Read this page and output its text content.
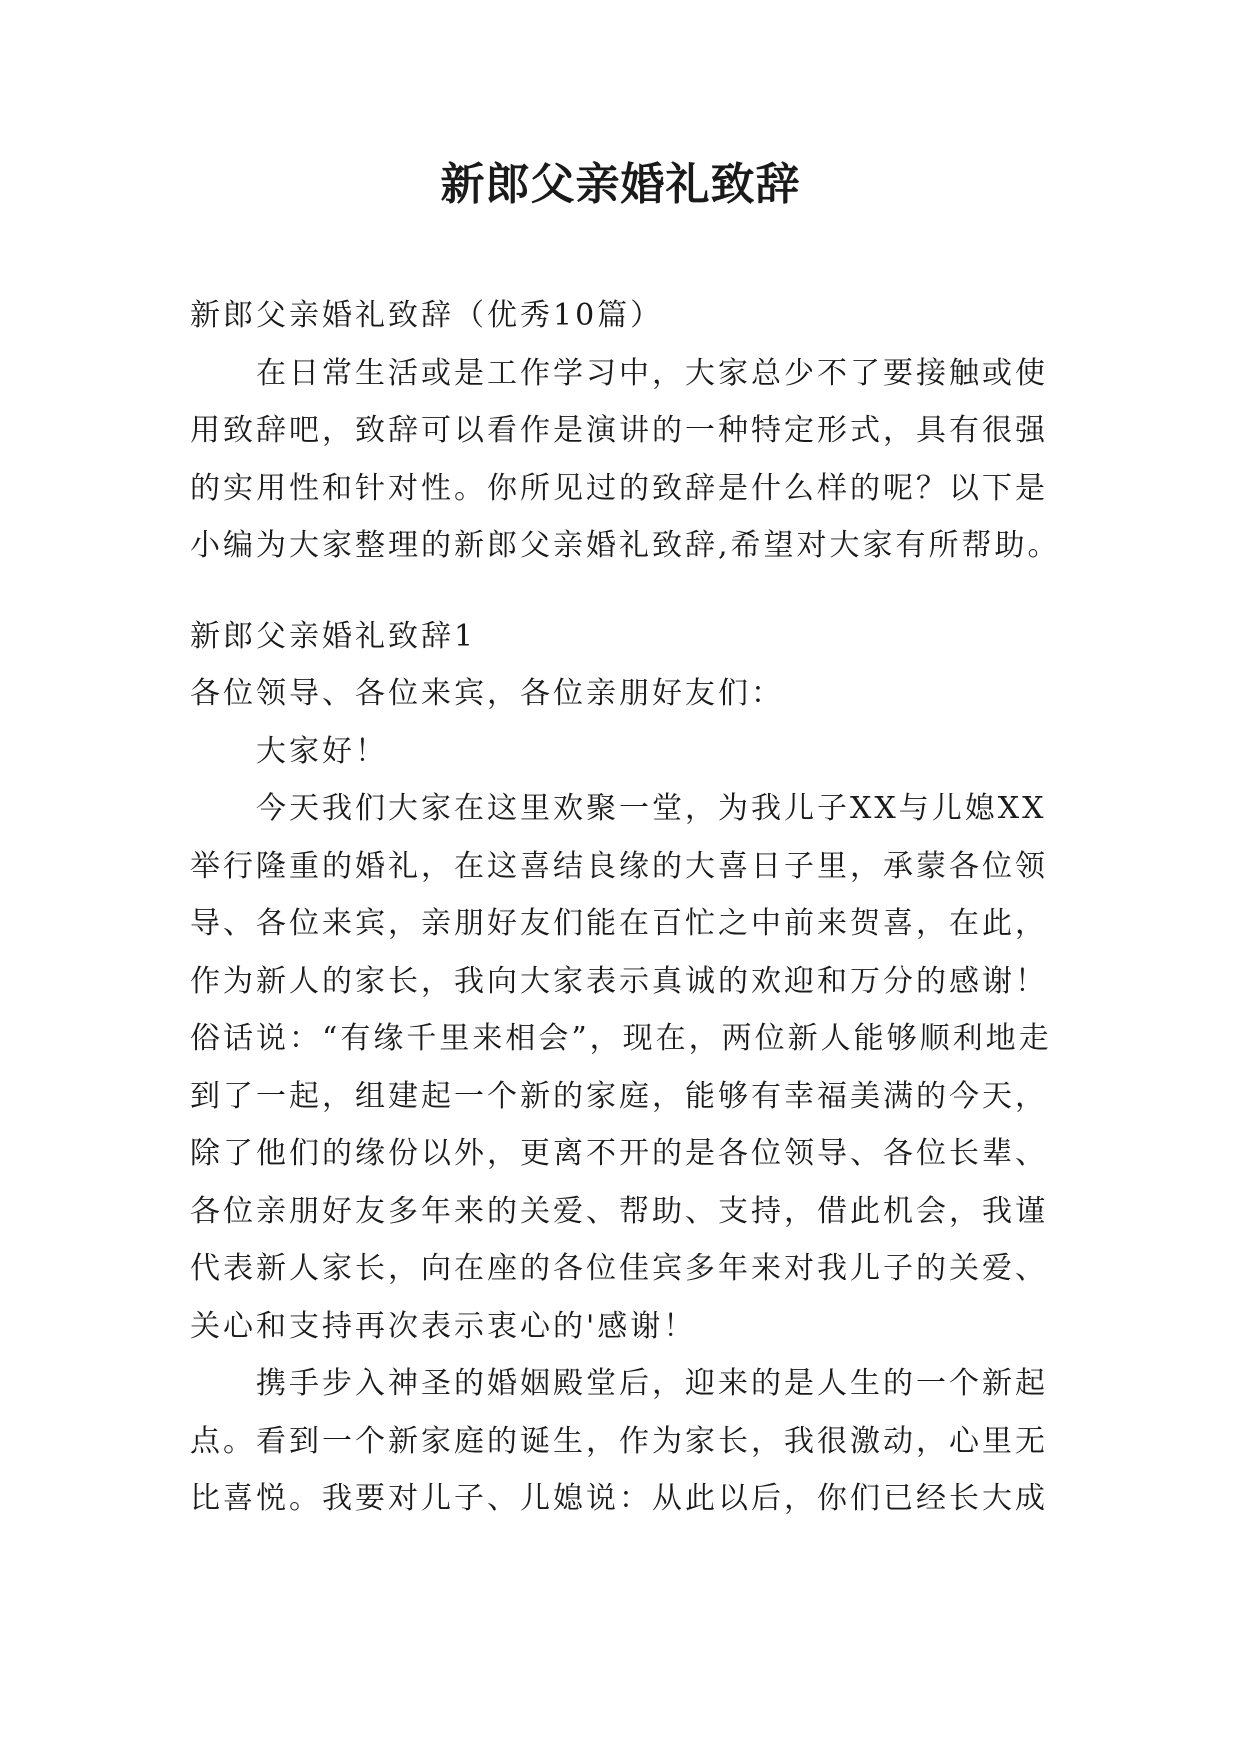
新郎父亲婚礼致辞

新郎父亲婚礼致辞（优秀10篇）

在日常生活或是工作学习中，大家总少不了要接触或使

用致辞吧，致辞可以看作是演讲的一种特定形式，具有很强

的实用性和针对性。你所见过的致辞是什么样的呢？以下是

小编为大家整理的新郎父亲婚礼致辞,希望对大家有所帮助。

新郎父亲婚礼致辞1

各位领导、各位来宾，各位亲朋好友们：

大家好！

今天我们大家在这里欢聚一堂，为我儿子XX与儿媳XX

举行隆重的婚礼，在这喜结良缘的大喜日子里，承蒙各位领

导、各位来宾，亲朋好友们能在百忙之中前来贺喜，在此，

作为新人的家长，我向大家表示真诚的欢迎和万分的感谢！

俗话说：“有缘千里来相会”，现在，两位新人能够顺利地走

到了一起，组建起一个新的家庭，能够有幸福美满的今天，

除了他们的缘份以外，更离不开的是各位领导、各位长辈、

各位亲朋好友多年来的关爱、帮助、支持，借此机会，我谨

代表新人家长，向在座的各位佳宾多年来对我儿子的关爱、

关心和支持再次表示衷心的'感谢！

携手步入神圣的婚姻殿堂后，迎来的是人生的一个新起

点。看到一个新家庭的诞生，作为家长，我很激动，心里无

比喜悦。我要对儿子、儿媳说：从此以后，你们已经长大成
